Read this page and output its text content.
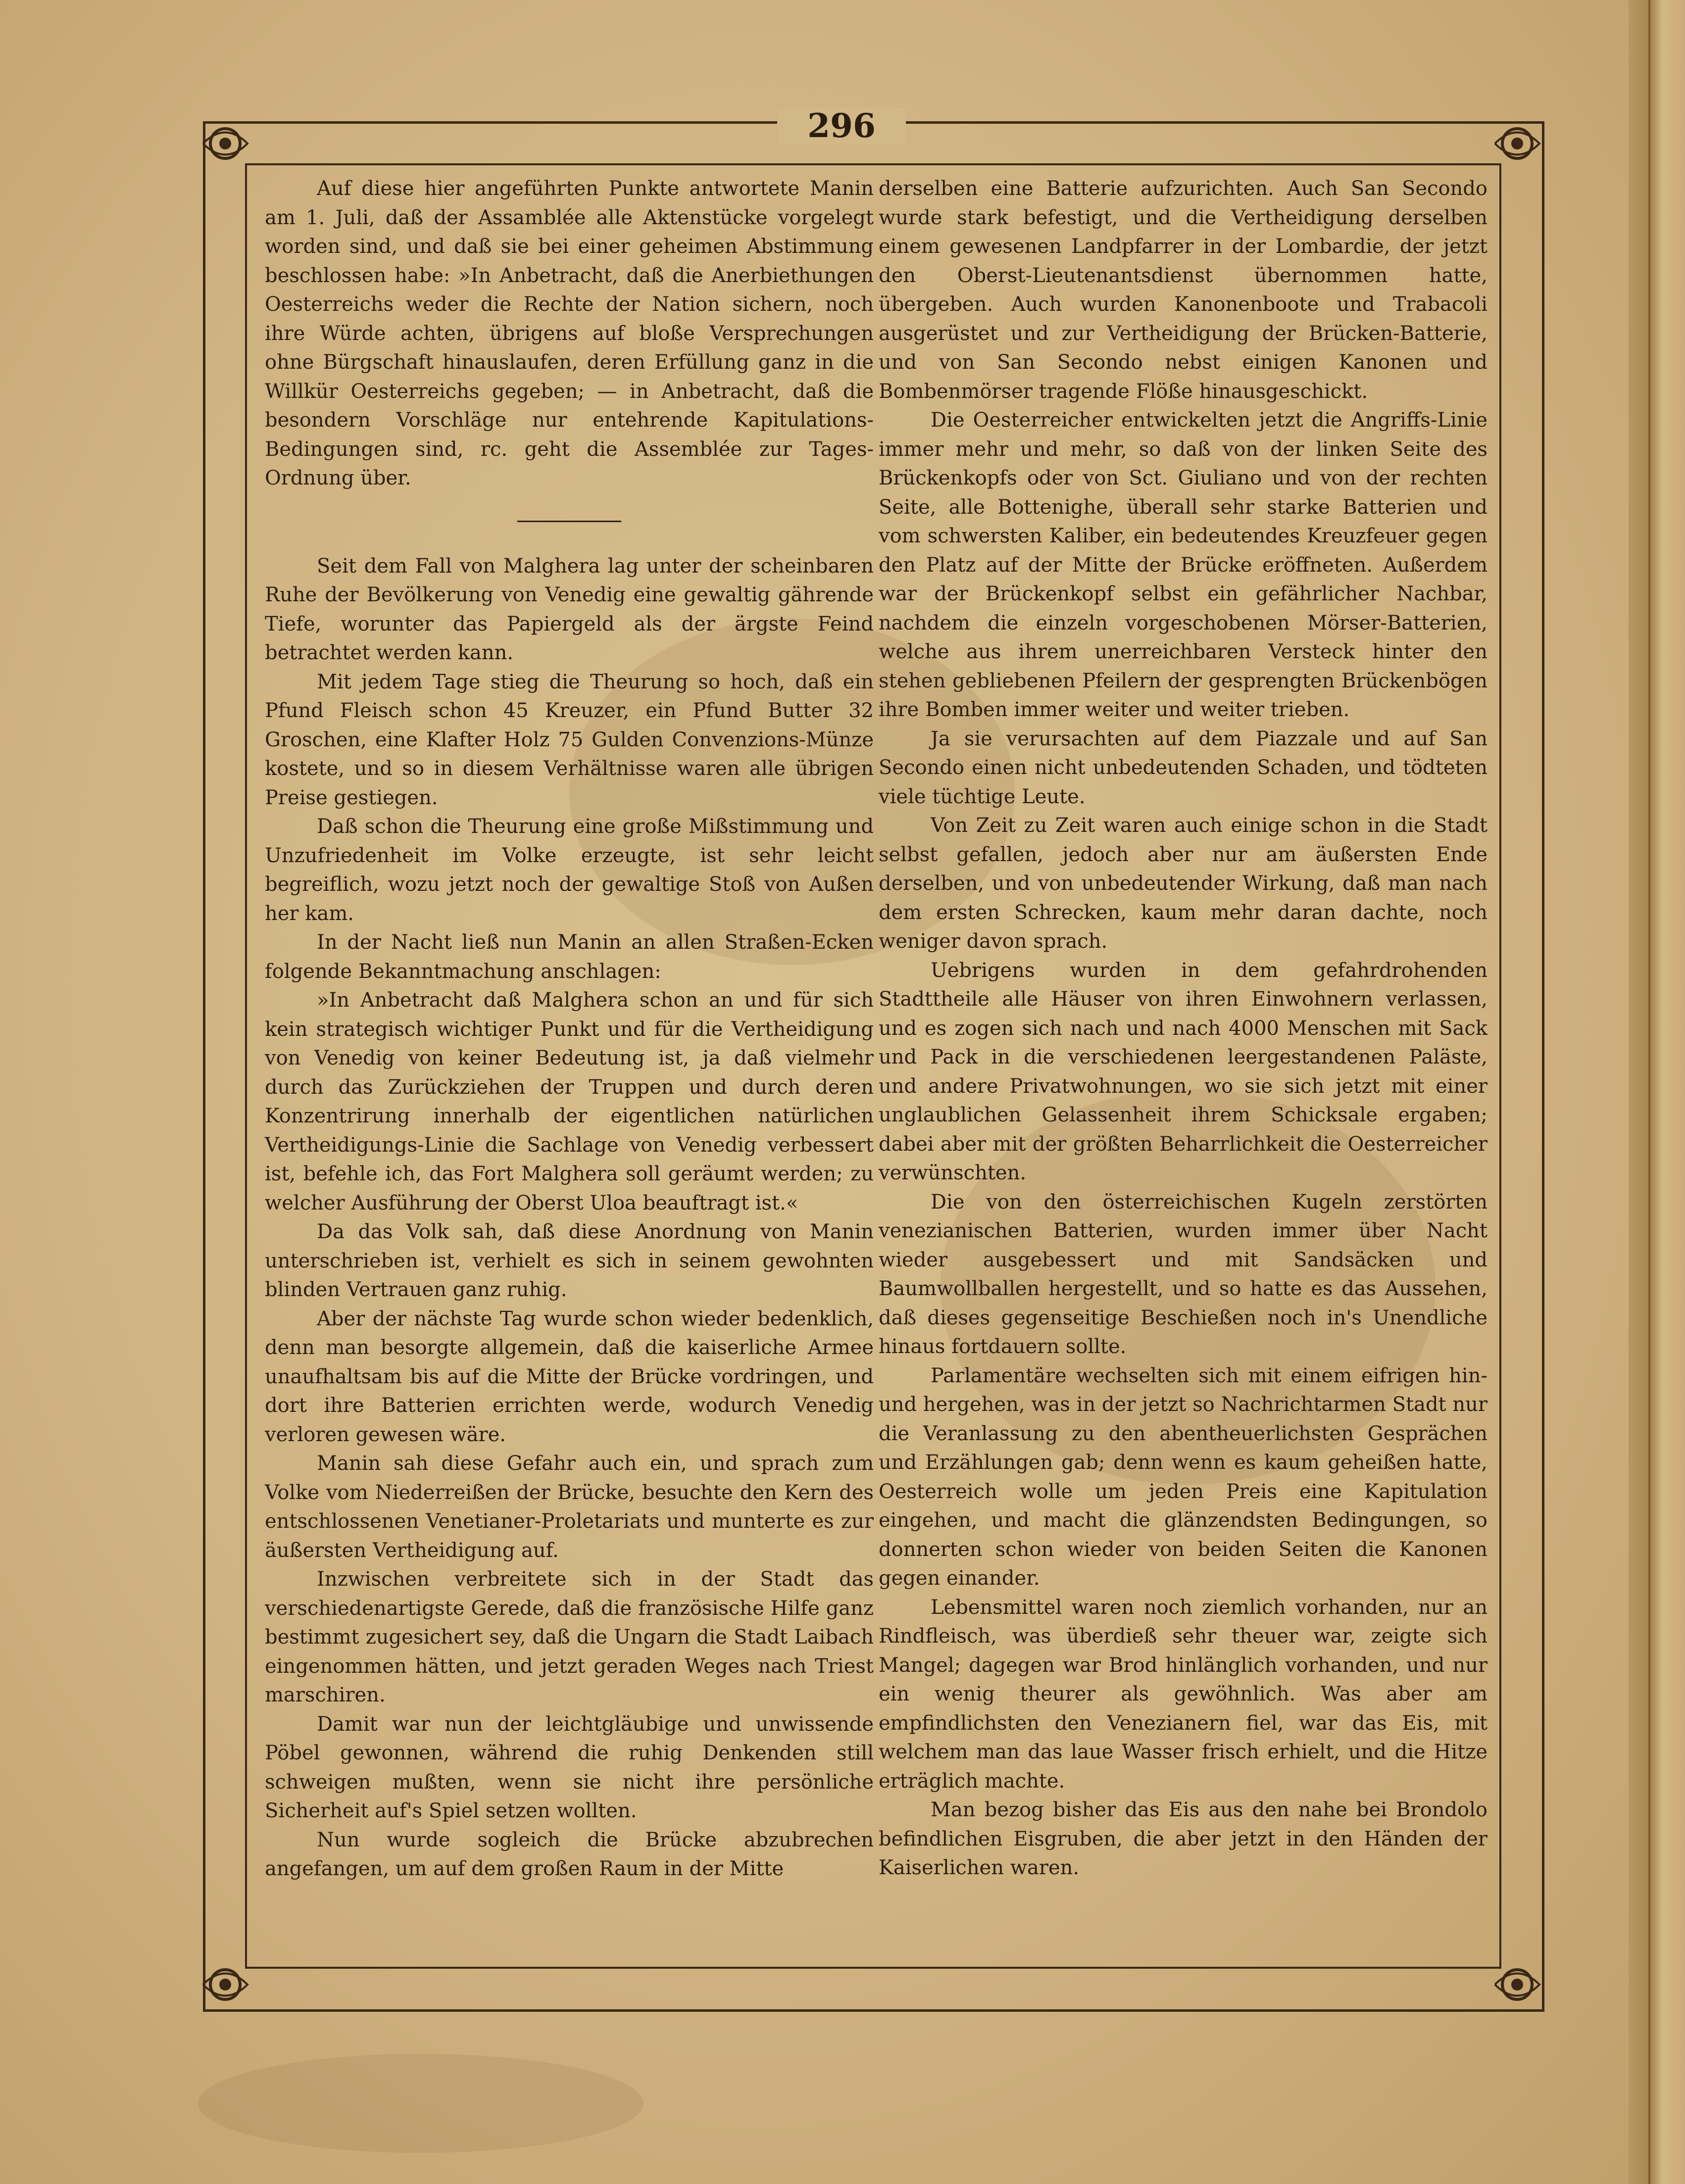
296

Auf diese hier angeführten Punkte antwortete Manin am 1. Juli, daß der Assamblée alle Aktenstücke vorgelegt worden sind, und daß sie bei einer geheimen Abstimmung beschlossen habe: »In Anbetracht, daß die Anerbiethungen Oesterreichs weder die Rechte der Nation sichern, noch ihre Würde achten, übrigens auf bloße Versprechungen ohne Bürgschaft hinauslaufen, deren Erfüllung ganz in die Willkür Oesterreichs gegeben; — in Anbetracht, daß die besondern Vorschläge nur entehrende Kapitulations-Bedingungen sind, rc. geht die Assemblée zur Tages-Ordnung über.

Seit dem Fall von Malghera lag unter der scheinbaren Ruhe der Bevölkerung von Venedig eine gewaltig gährende Tiefe, worunter das Papiergeld als der ärgste Feind betrachtet werden kann.

Mit jedem Tage stieg die Theurung so hoch, daß ein Pfund Fleisch schon 45 Kreuzer, ein Pfund Butter 32 Groschen, eine Klafter Holz 75 Gulden Convenzions-Münze kostete, und so in diesem Verhältnisse waren alle übrigen Preise gestiegen.

Daß schon die Theurung eine große Mißstimmung und Unzufriedenheit im Volke erzeugte, ist sehr leicht begreiflich, wozu jetzt noch der gewaltige Stoß von Außen her kam.

In der Nacht ließ nun Manin an allen Straßen-Ecken folgende Bekanntmachung anschlagen:

»In Anbetracht daß Malghera schon an und für sich kein strategisch wichtiger Punkt und für die Vertheidigung von Venedig von keiner Bedeutung ist, ja daß vielmehr durch das Zurückziehen der Truppen und durch deren Konzentrirung innerhalb der eigentlichen natürlichen Vertheidigungs-Linie die Sachlage von Venedig verbessert ist, befehle ich, das Fort Malghera soll geräumt werden; zu welcher Ausführung der Oberst Uloa beauftragt ist.«

Da das Volk sah, daß diese Anordnung von Manin unterschrieben ist, verhielt es sich in seinem gewohnten blinden Vertrauen ganz ruhig.

Aber der nächste Tag wurde schon wieder bedenklich, denn man besorgte allgemein, daß die kaiserliche Armee unaufhaltsam bis auf die Mitte der Brücke vordringen, und dort ihre Batterien errichten werde, wodurch Venedig verloren gewesen wäre.

Manin sah diese Gefahr auch ein, und sprach zum Volke vom Niederreißen der Brücke, besuchte den Kern des entschlossenen Venetianer-Proletariats und munterte es zur äußersten Vertheidigung auf.

Inzwischen verbreitete sich in der Stadt das verschiedenartigste Gerede, daß die französische Hilfe ganz bestimmt zugesichert sey, daß die Ungarn die Stadt Laibach eingenommen hätten, und jetzt geraden Weges nach Triest marschiren.

Damit war nun der leichtgläubige und unwissende Pöbel gewonnen, während die ruhig Denkenden still schweigen mußten, wenn sie nicht ihre persönliche Sicherheit auf's Spiel setzen wollten.

Nun wurde sogleich die Brücke abzubrechen angefangen, um auf dem großen Raum in der Mitte

derselben eine Batterie aufzurichten. Auch San Secondo wurde stark befestigt, und die Vertheidigung derselben einem gewesenen Landpfarrer in der Lombardie, der jetzt den Oberst-Lieutenantsdienst übernommen hatte, übergeben. Auch wurden Kanonenboote und Trabacoli ausgerüstet und zur Vertheidigung der Brücken-Batterie, und von San Secondo nebst einigen Kanonen und Bombenmörser tragende Flöße hinausgeschickt.

Die Oesterreicher entwickelten jetzt die Angriffs-Linie immer mehr und mehr, so daß von der linken Seite des Brückenkopfs oder von Sct. Giuliano und von der rechten Seite, alle Bottenighe, überall sehr starke Batterien und vom schwersten Kaliber, ein bedeutendes Kreuzfeuer gegen den Platz auf der Mitte der Brücke eröffneten. Außerdem war der Brückenkopf selbst ein gefährlicher Nachbar, nachdem die einzeln vorgeschobenen Mörser-Batterien, welche aus ihrem unerreichbaren Versteck hinter den stehen gebliebenen Pfeilern der gesprengten Brückenbögen ihre Bomben immer weiter und weiter trieben.

Ja sie verursachten auf dem Piazzale und auf San Secondo einen nicht unbedeutenden Schaden, und tödteten viele tüchtige Leute.

Von Zeit zu Zeit waren auch einige schon in die Stadt selbst gefallen, jedoch aber nur am äußersten Ende derselben, und von unbedeutender Wirkung, daß man nach dem ersten Schrecken, kaum mehr daran dachte, noch weniger davon sprach.

Uebrigens wurden in dem gefahrdrohenden Stadttheile alle Häuser von ihren Einwohnern verlassen, und es zogen sich nach und nach 4000 Menschen mit Sack und Pack in die verschiedenen leergestandenen Paläste, und andere Privatwohnungen, wo sie sich jetzt mit einer unglaublichen Gelassenheit ihrem Schicksale ergaben; dabei aber mit der größten Beharrlichkeit die Oesterreicher verwünschten.

Die von den österreichischen Kugeln zerstörten venezianischen Batterien, wurden immer über Nacht wieder ausgebessert und mit Sandsäcken und Baumwollballen hergestellt, und so hatte es das Aussehen, daß dieses gegenseitige Beschießen noch in's Unendliche hinaus fortdauern sollte.

Parlamentäre wechselten sich mit einem eifrigen hin- und hergehen, was in der jetzt so Nachrichtarmen Stadt nur die Veranlassung zu den abentheuerlichsten Gesprächen und Erzählungen gab; denn wenn es kaum geheißen hatte, Oesterreich wolle um jeden Preis eine Kapitulation eingehen, und macht die glänzendsten Bedingungen, so donnerten schon wieder von beiden Seiten die Kanonen gegen einander.

Lebensmittel waren noch ziemlich vorhanden, nur an Rindfleisch, was überdieß sehr theuer war, zeigte sich Mangel; dagegen war Brod hinlänglich vorhanden, und nur ein wenig theurer als gewöhnlich. Was aber am empfindlichsten den Venezianern fiel, war das Eis, mit welchem man das laue Wasser frisch erhielt, und die Hitze erträglich machte.

Man bezog bisher das Eis aus den nahe bei Brondolo befindlichen Eisgruben, die aber jetzt in den Händen der Kaiserlichen waren.
